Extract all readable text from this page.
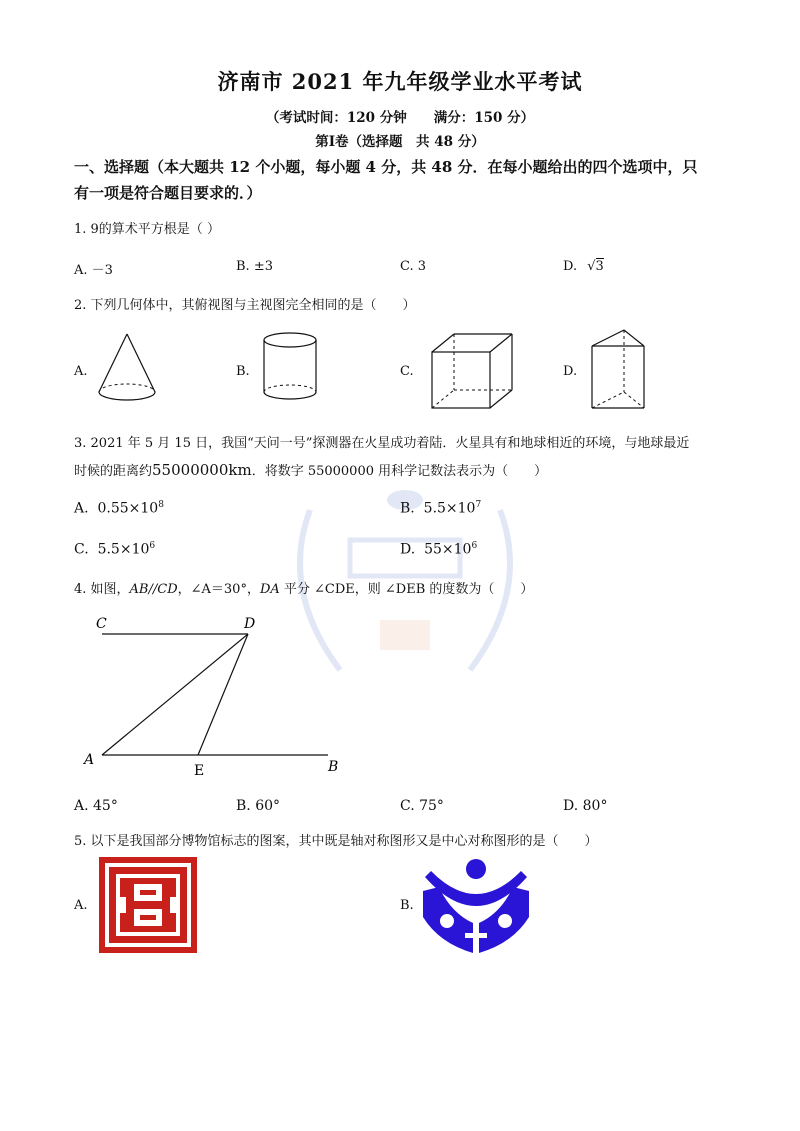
济南市 2021 年九年级学业水平考试
（考试时间：120 分钟　　满分：150 分）
第Ⅰ卷（选择题　共 48 分）
一、选择题（本大题共 12 个小题，每小题 4 分，共 48 分．在每小题给出的四个选项中，只
有一项是符合题目要求的．）
1. 9的算术平方根是（ ）
A. －3	B. ±3	C. 3	D. √3
2. 下列几何体中，其俯视图与主视图完全相同的是（　　）
A.	B.	C.	D.
3. 2021 年 5 月 15 日，我国“天问一号”探测器在火星成功着陆．火星具有和地球相近的环境，与地球最近
时候的距离约55000000km．将数字 55000000 用科学记数法表示为（　　）
A. $0.55\times 10^8$	B. $5.5\times 10^7$
C. $5.5\times 10^6$	D. $55\times 10^6$
4. 如图，AB//CD，∠A＝30°，DA 平分 ∠CDE，则 ∠DEB 的度数为（　　）
C	D
A
E	B
A. 45°	B. 60°	C. 75°	D. 80°
5. 以下是我国部分博物馆标志的图案，其中既是轴对称图形又是中心对称图形的是（　　）
A.	B.
